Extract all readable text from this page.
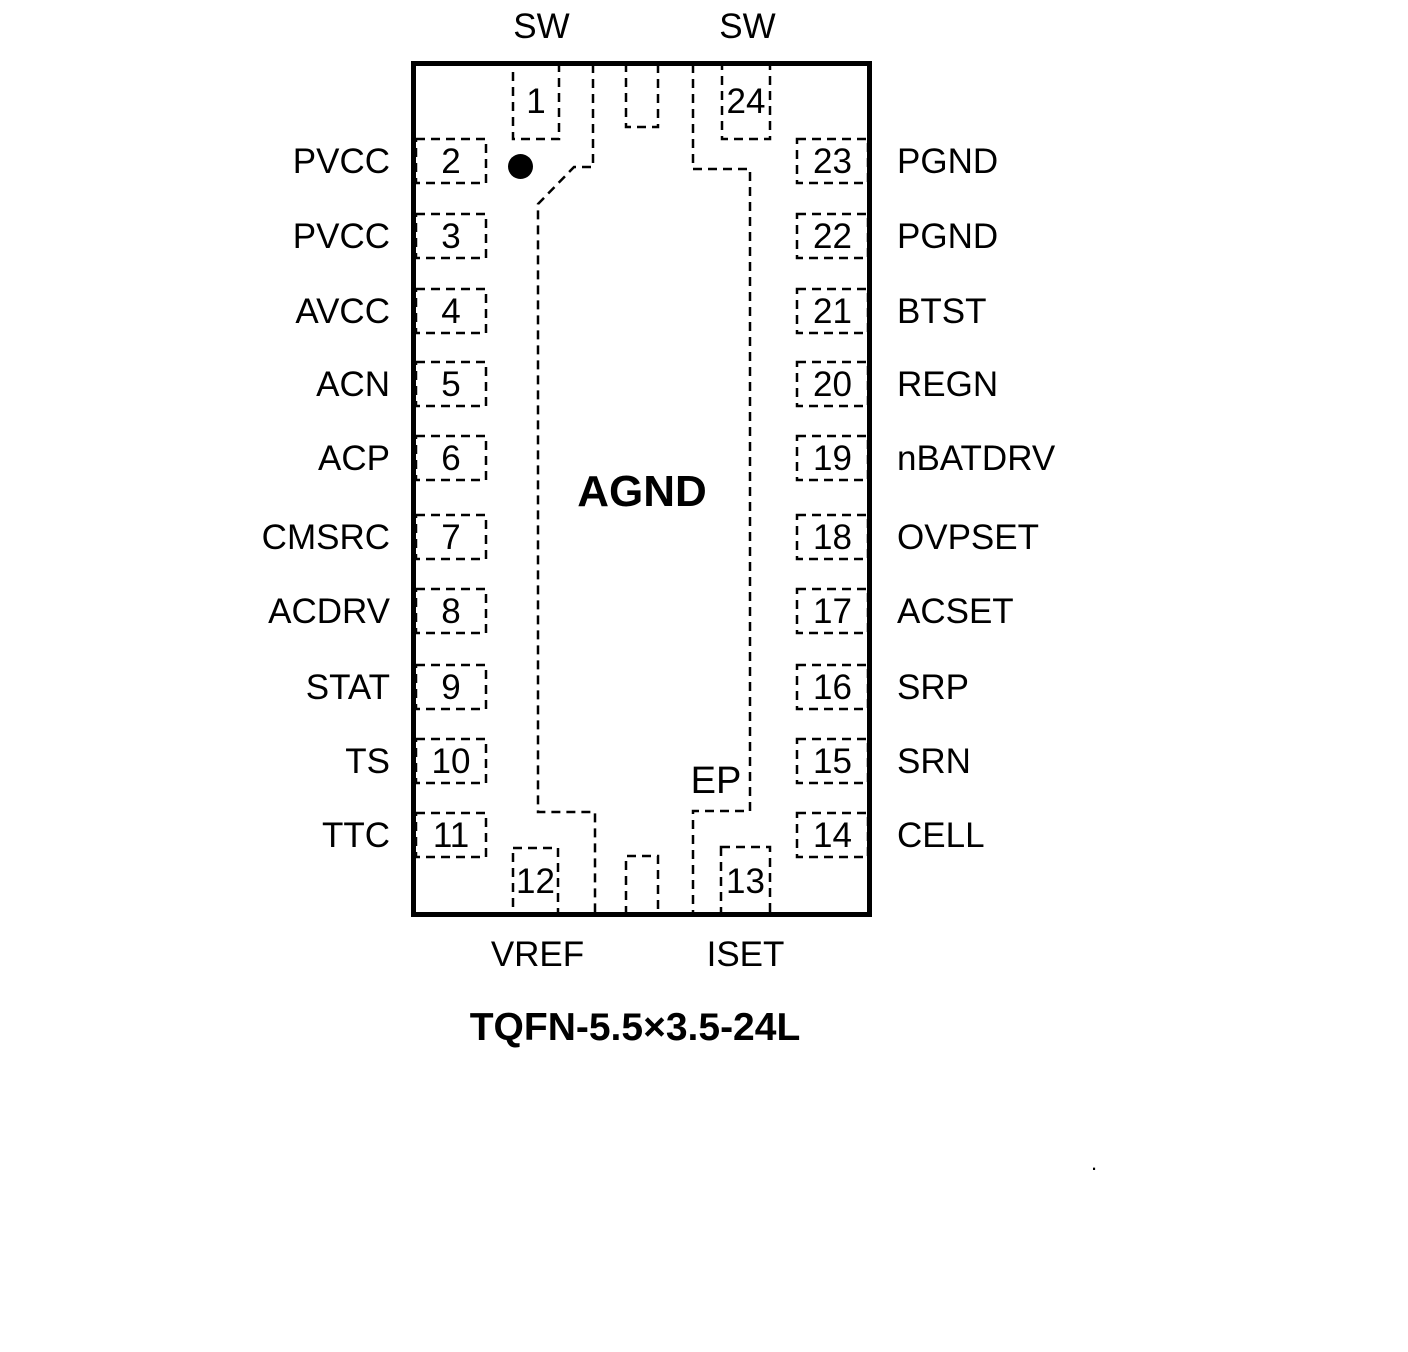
SW	SW
1	24
2
3
4
5
6
7
8
9
10
11
PVCC
PVCC
AVCC
ACN
ACP
CMSRC
ACDRV
STAT
TS
TTC
23
22
21
20
19
18
17
16
15
14
PGND
PGND
BTST
REGN
nBATDRV
OVPSET
ACSET
SRP
SRN
CELL
12	13
VREF	ISET
AGND
EP
TQFN-5.5×3.5-24L
.
